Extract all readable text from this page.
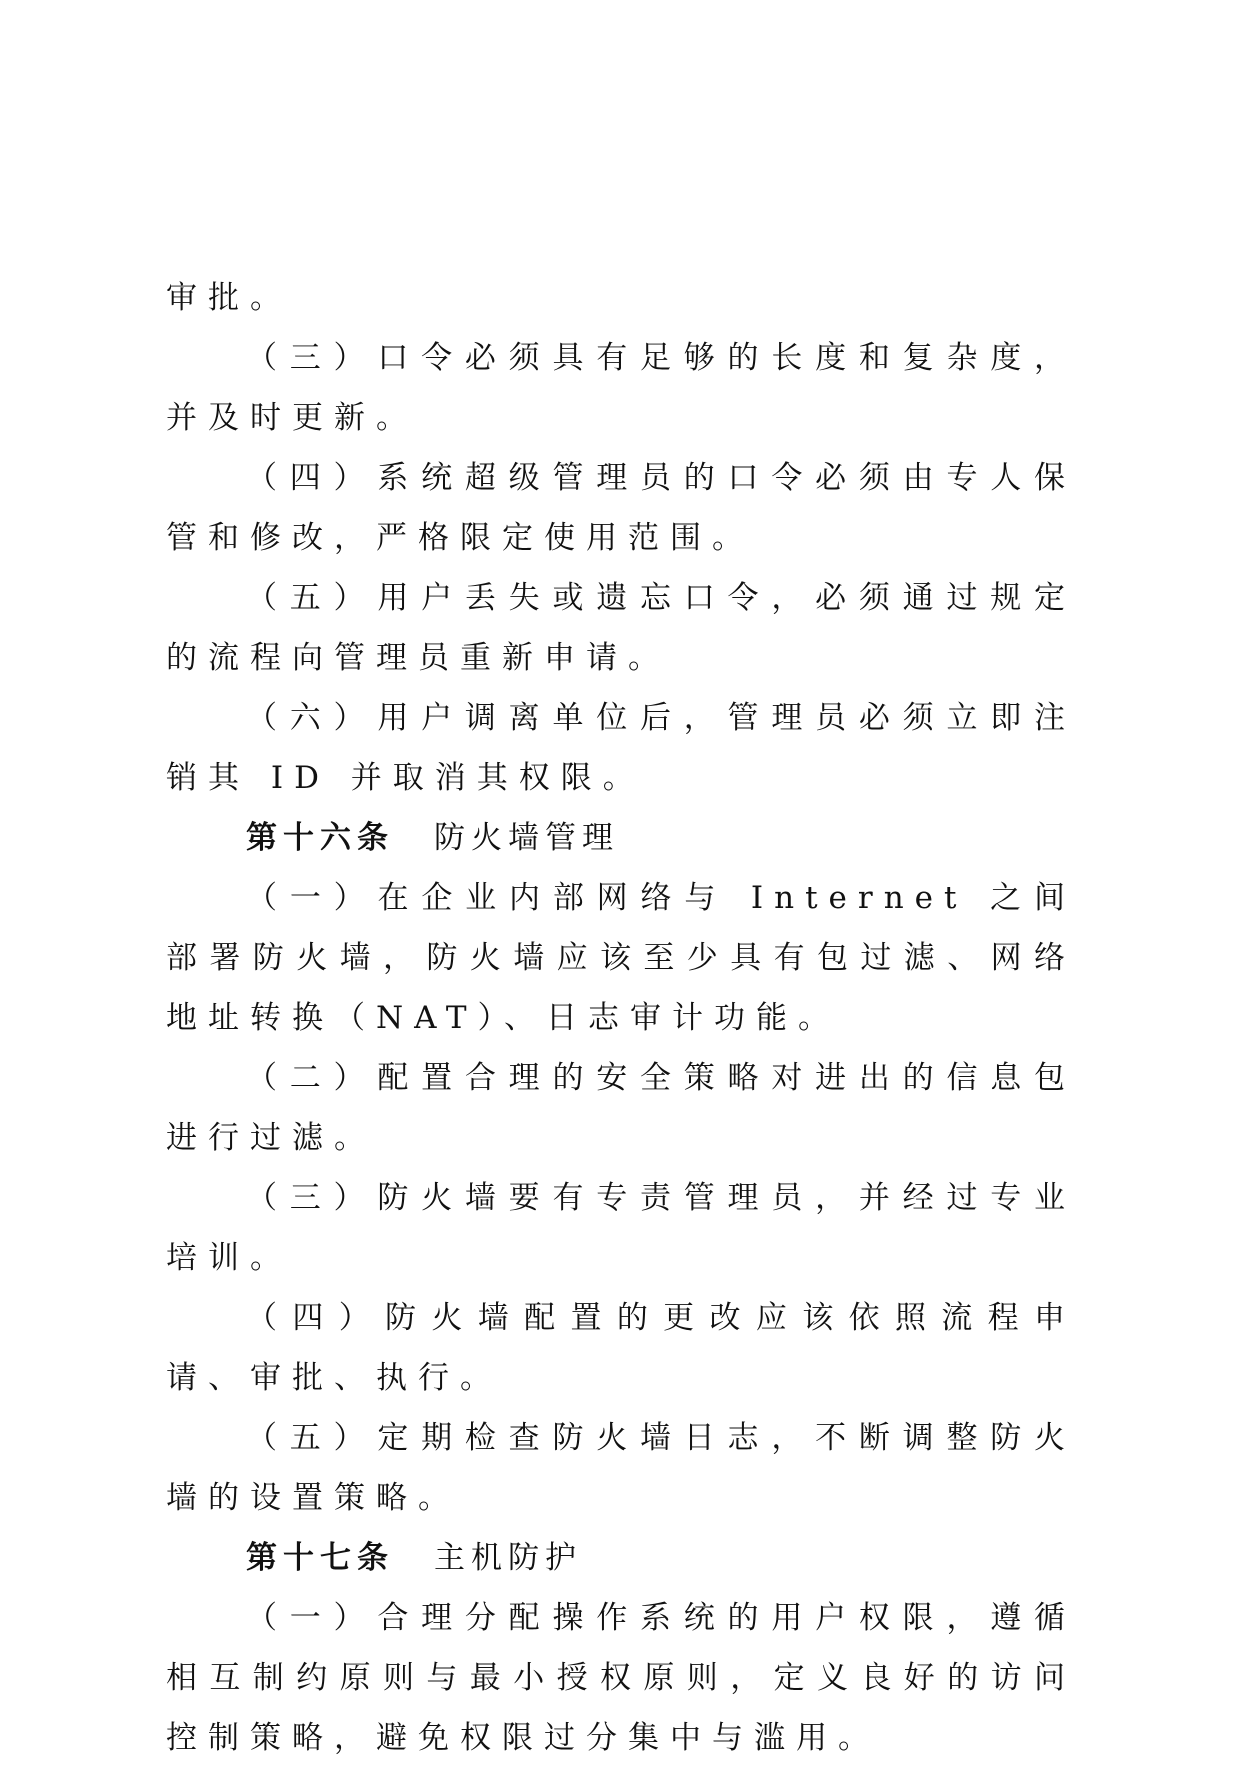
审批。

（三）口令必须具有足够的长度和复杂度，并及时更新。

（四）系统超级管理员的口令必须由专人保管和修改，严格限定使用范围。

（五）用户丢失或遗忘口令，必须通过规定的流程向管理员重新申请。

（六）用户调离单位后，管理员必须立即注销其 ID 并取消其权限。

第十六条 防火墙管理

（一）在企业内部网络与 Internet 之间部署防火墙，防火墙应该至少具有包过滤、网络地址转换（NAT）、日志审计功能。

（二）配置合理的安全策略对进出的信息包进行过滤。

（三）防火墙要有专责管理员，并经过专业培训。

（四）防火墙配置的更改应该依照流程申请、审批、执行。

（五）定期检查防火墙日志，不断调整防火墙的设置策略。

第十七条 主机防护

（一）合理分配操作系统的用户权限，遵循相互制约原则与最小授权原则，定义良好的访问控制策略，避免权限过分集中与滥用。
